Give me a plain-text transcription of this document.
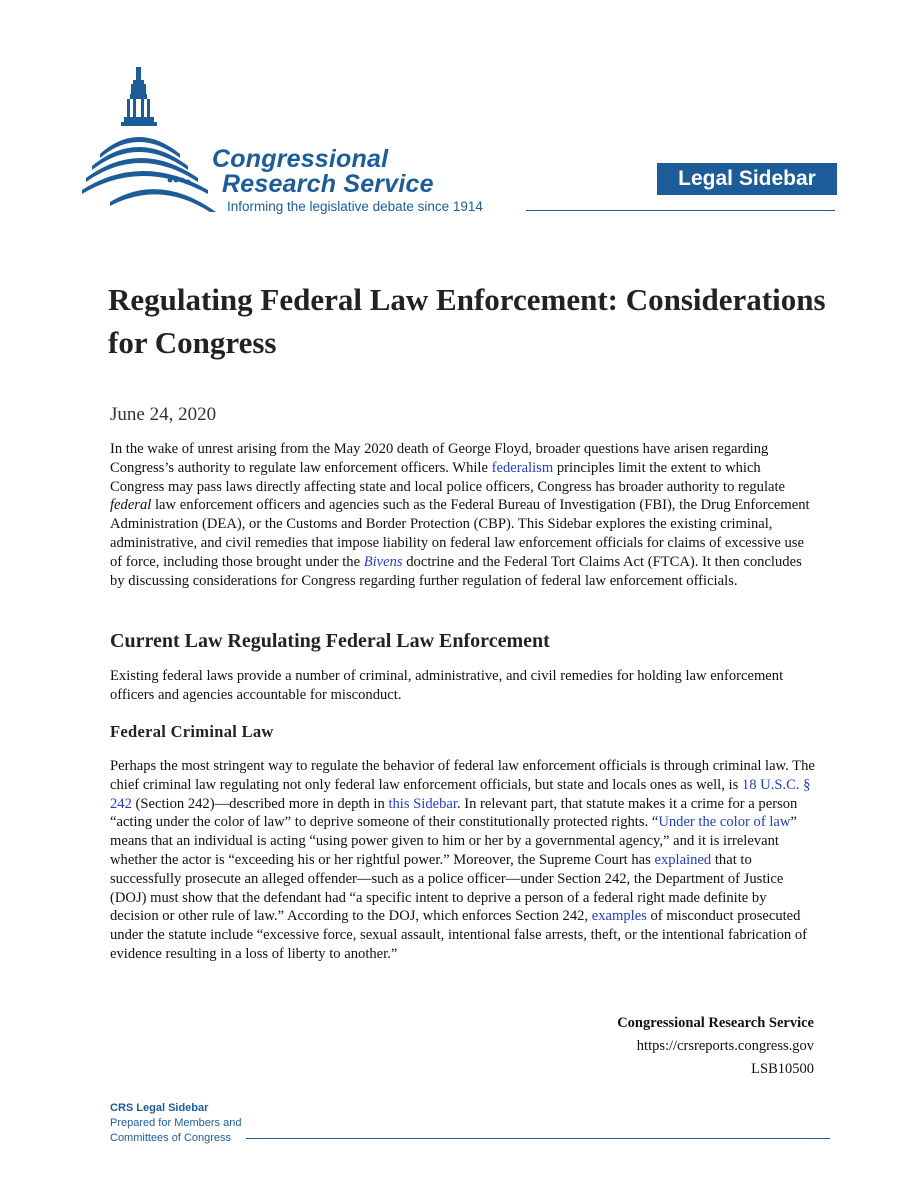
Congressional
Research Service
Informing the legislative debate since 1914
Legal Sidebar
Regulating Federal Law Enforcement: Considerations for Congress
June 24, 2020

In the wake of unrest arising from the May 2020 death of George Floyd, broader questions have arisen regarding Congress’s authority to regulate law enforcement officers. While federalism principles limit the extent to which Congress may pass laws directly affecting state and local police officers, Congress has broader authority to regulate federal law enforcement officers and agencies such as the Federal Bureau of Investigation (FBI), the Drug Enforcement Administration (DEA), or the Customs and Border Protection (CBP). This Sidebar explores the existing criminal, administrative, and civil remedies that impose liability on federal law enforcement officials for claims of excessive use of force, including those brought under the Bivens doctrine and the Federal Tort Claims Act (FTCA). It then concludes by discussing considerations for Congress regarding further regulation of federal law enforcement officials.

Current Law Regulating Federal Law Enforcement

Existing federal laws provide a number of criminal, administrative, and civil remedies for holding law enforcement officers and agencies accountable for misconduct.

Federal Criminal Law

Perhaps the most stringent way to regulate the behavior of federal law enforcement officials is through criminal law. The chief criminal law regulating not only federal law enforcement officials, but state and locals ones as well, is 18 U.S.C. § 242 (Section 242)—described more in depth in this Sidebar. In relevant part, that statute makes it a crime for a person “acting under the color of law” to deprive someone of their constitutionally protected rights. “Under the color of law” means that an individual is acting “using power given to him or her by a governmental agency,” and it is irrelevant whether the actor is “exceeding his or her rightful power.” Moreover, the Supreme Court has explained that to successfully prosecute an alleged offender—such as a police officer—under Section 242, the Department of Justice (DOJ) must show that the defendant had “a specific intent to deprive a person of a federal right made definite by decision or other rule of law.” According to the DOJ, which enforces Section 242, examples of misconduct prosecuted under the statute include “excessive force, sexual assault, intentional false arrests, theft, or the intentional fabrication of evidence resulting in a loss of liberty to another.”

Congressional Research Service
https://crsreports.congress.gov
LSB10500
CRS Legal Sidebar
Prepared for Members and
Committees of Congress
